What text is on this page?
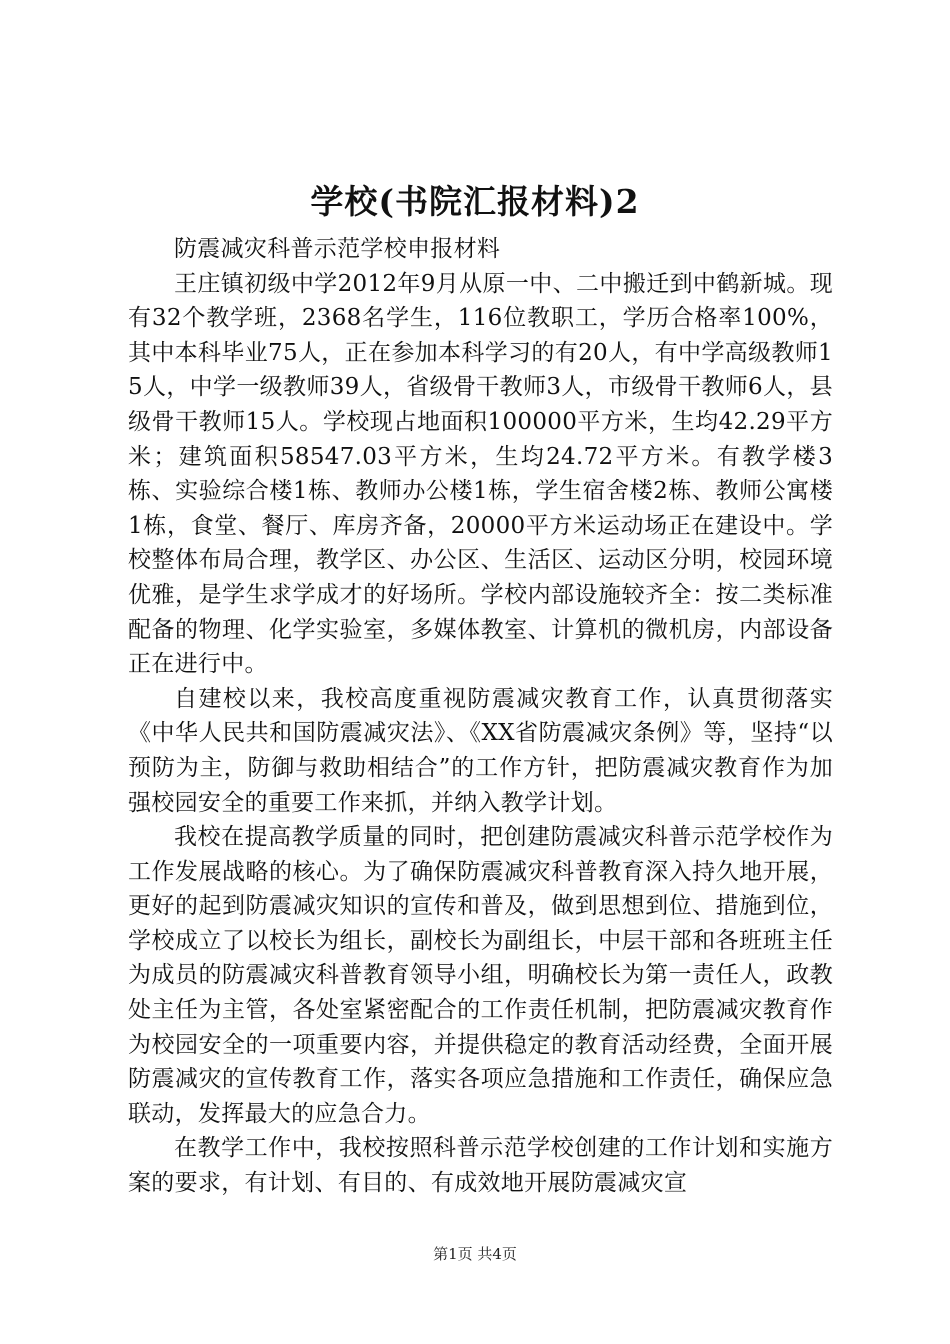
学校(书院汇报材料)2

防震减灾科普示范学校申报材料

王庄镇初级中学2012年9月从原一中、二中搬迁到中鹤新城。现有32个教学班，2368名学生，116位教职工，学历合格率100%，其中本科毕业75人，正在参加本科学习的有20人，有中学高级教师15人，中学一级教师39人，省级骨干教师3人，市级骨干教师6人，县级骨干教师15人。学校现占地面积100000平方米，生均42.29平方米；建筑面积58547.03平方米，生均24.72平方米。有教学楼3栋、实验综合楼1栋、教师办公楼1栋，学生宿舍楼2栋、教师公寓楼1栋，食堂、餐厅、库房齐备，20000平方米运动场正在建设中。学校整体布局合理，教学区、办公区、生活区、运动区分明，校园环境优雅，是学生求学成才的好场所。学校内部设施较齐全：按二类标准配备的物理、化学实验室，多媒体教室、计算机的微机房，内部设备正在进行中。

自建校以来，我校高度重视防震减灾教育工作，认真贯彻落实《中华人民共和国防震减灾法》、《XX省防震减灾条例》等，坚持“以预防为主，防御与救助相结合”的工作方针，把防震减灾教育作为加强校园安全的重要工作来抓，并纳入教学计划。

我校在提高教学质量的同时，把创建防震减灾科普示范学校作为工作发展战略的核心。为了确保防震减灾科普教育深入持久地开展，更好的起到防震减灾知识的宣传和普及，做到思想到位、措施到位，学校成立了以校长为组长，副校长为副组长，中层干部和各班班主任为成员的防震减灾科普教育领导小组，明确校长为第一责任人，政教处主任为主管，各处室紧密配合的工作责任机制，把防震减灾教育作为校园安全的一项重要内容，并提供稳定的教育活动经费，全面开展防震减灾的宣传教育工作，落实各项应急措施和工作责任，确保应急联动，发挥最大的应急合力。

在教学工作中，我校按照科普示范学校创建的工作计划和实施方案的要求，有计划、有目的、有成效地开展防震减灾宣

第1页 共4页
